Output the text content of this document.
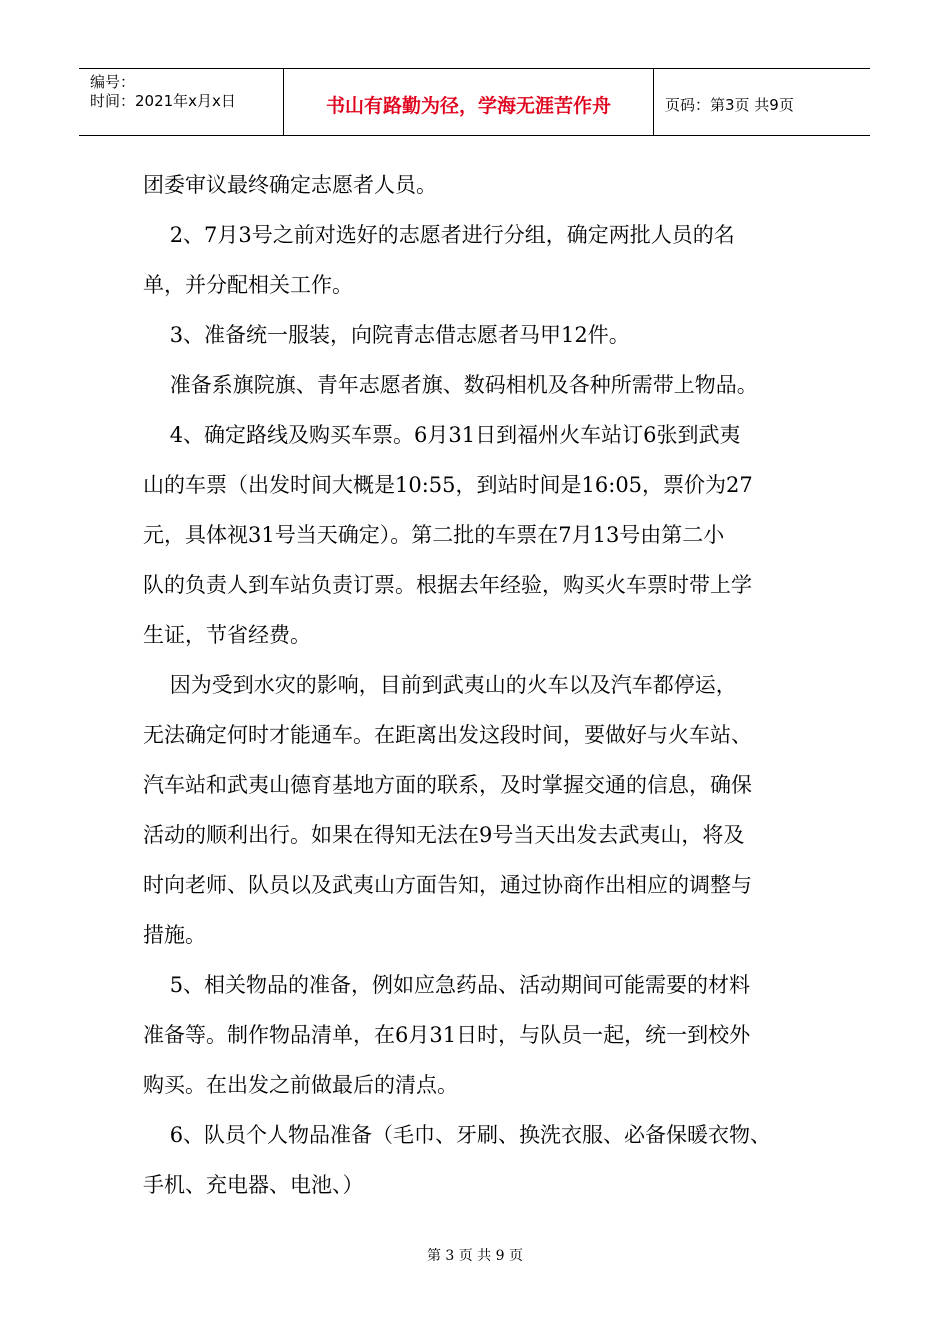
编号：
时间：2021年x月x日	书山有路勤为径，学海无涯苦作舟	页码：第3页 共9页

团委审议最终确定志愿者人员。

2、7月3号之前对选好的志愿者进行分组，确定两批人员的名

单，并分配相关工作。

3、准备统一服装，向院青志借志愿者马甲12件。

准备系旗院旗、青年志愿者旗、数码相机及各种所需带上物品。

4、确定路线及购买车票。6月31日到福州火车站订6张到武夷

山的车票（出发时间大概是10:55，到站时间是16:05，票价为27

元，具体视31号当天确定）。第二批的车票在7月13号由第二小

队的负责人到车站负责订票。根据去年经验，购买火车票时带上学

生证，节省经费。

因为受到水灾的影响，目前到武夷山的火车以及汽车都停运，

无法确定何时才能通车。在距离出发这段时间，要做好与火车站、

汽车站和武夷山德育基地方面的联系，及时掌握交通的信息，确保

活动的顺利出行。如果在得知无法在9号当天出发去武夷山，将及

时向老师、队员以及武夷山方面告知，通过协商作出相应的调整与

措施。

5、相关物品的准备，例如应急药品、活动期间可能需要的材料

准备等。制作物品清单，在6月31日时，与队员一起，统一到校外

购买。在出发之前做最后的清点。

6、队员个人物品准备（毛巾、牙刷、换洗衣服、必备保暖衣物、

手机、充电器、电池、）

第 3 页 共 9 页
